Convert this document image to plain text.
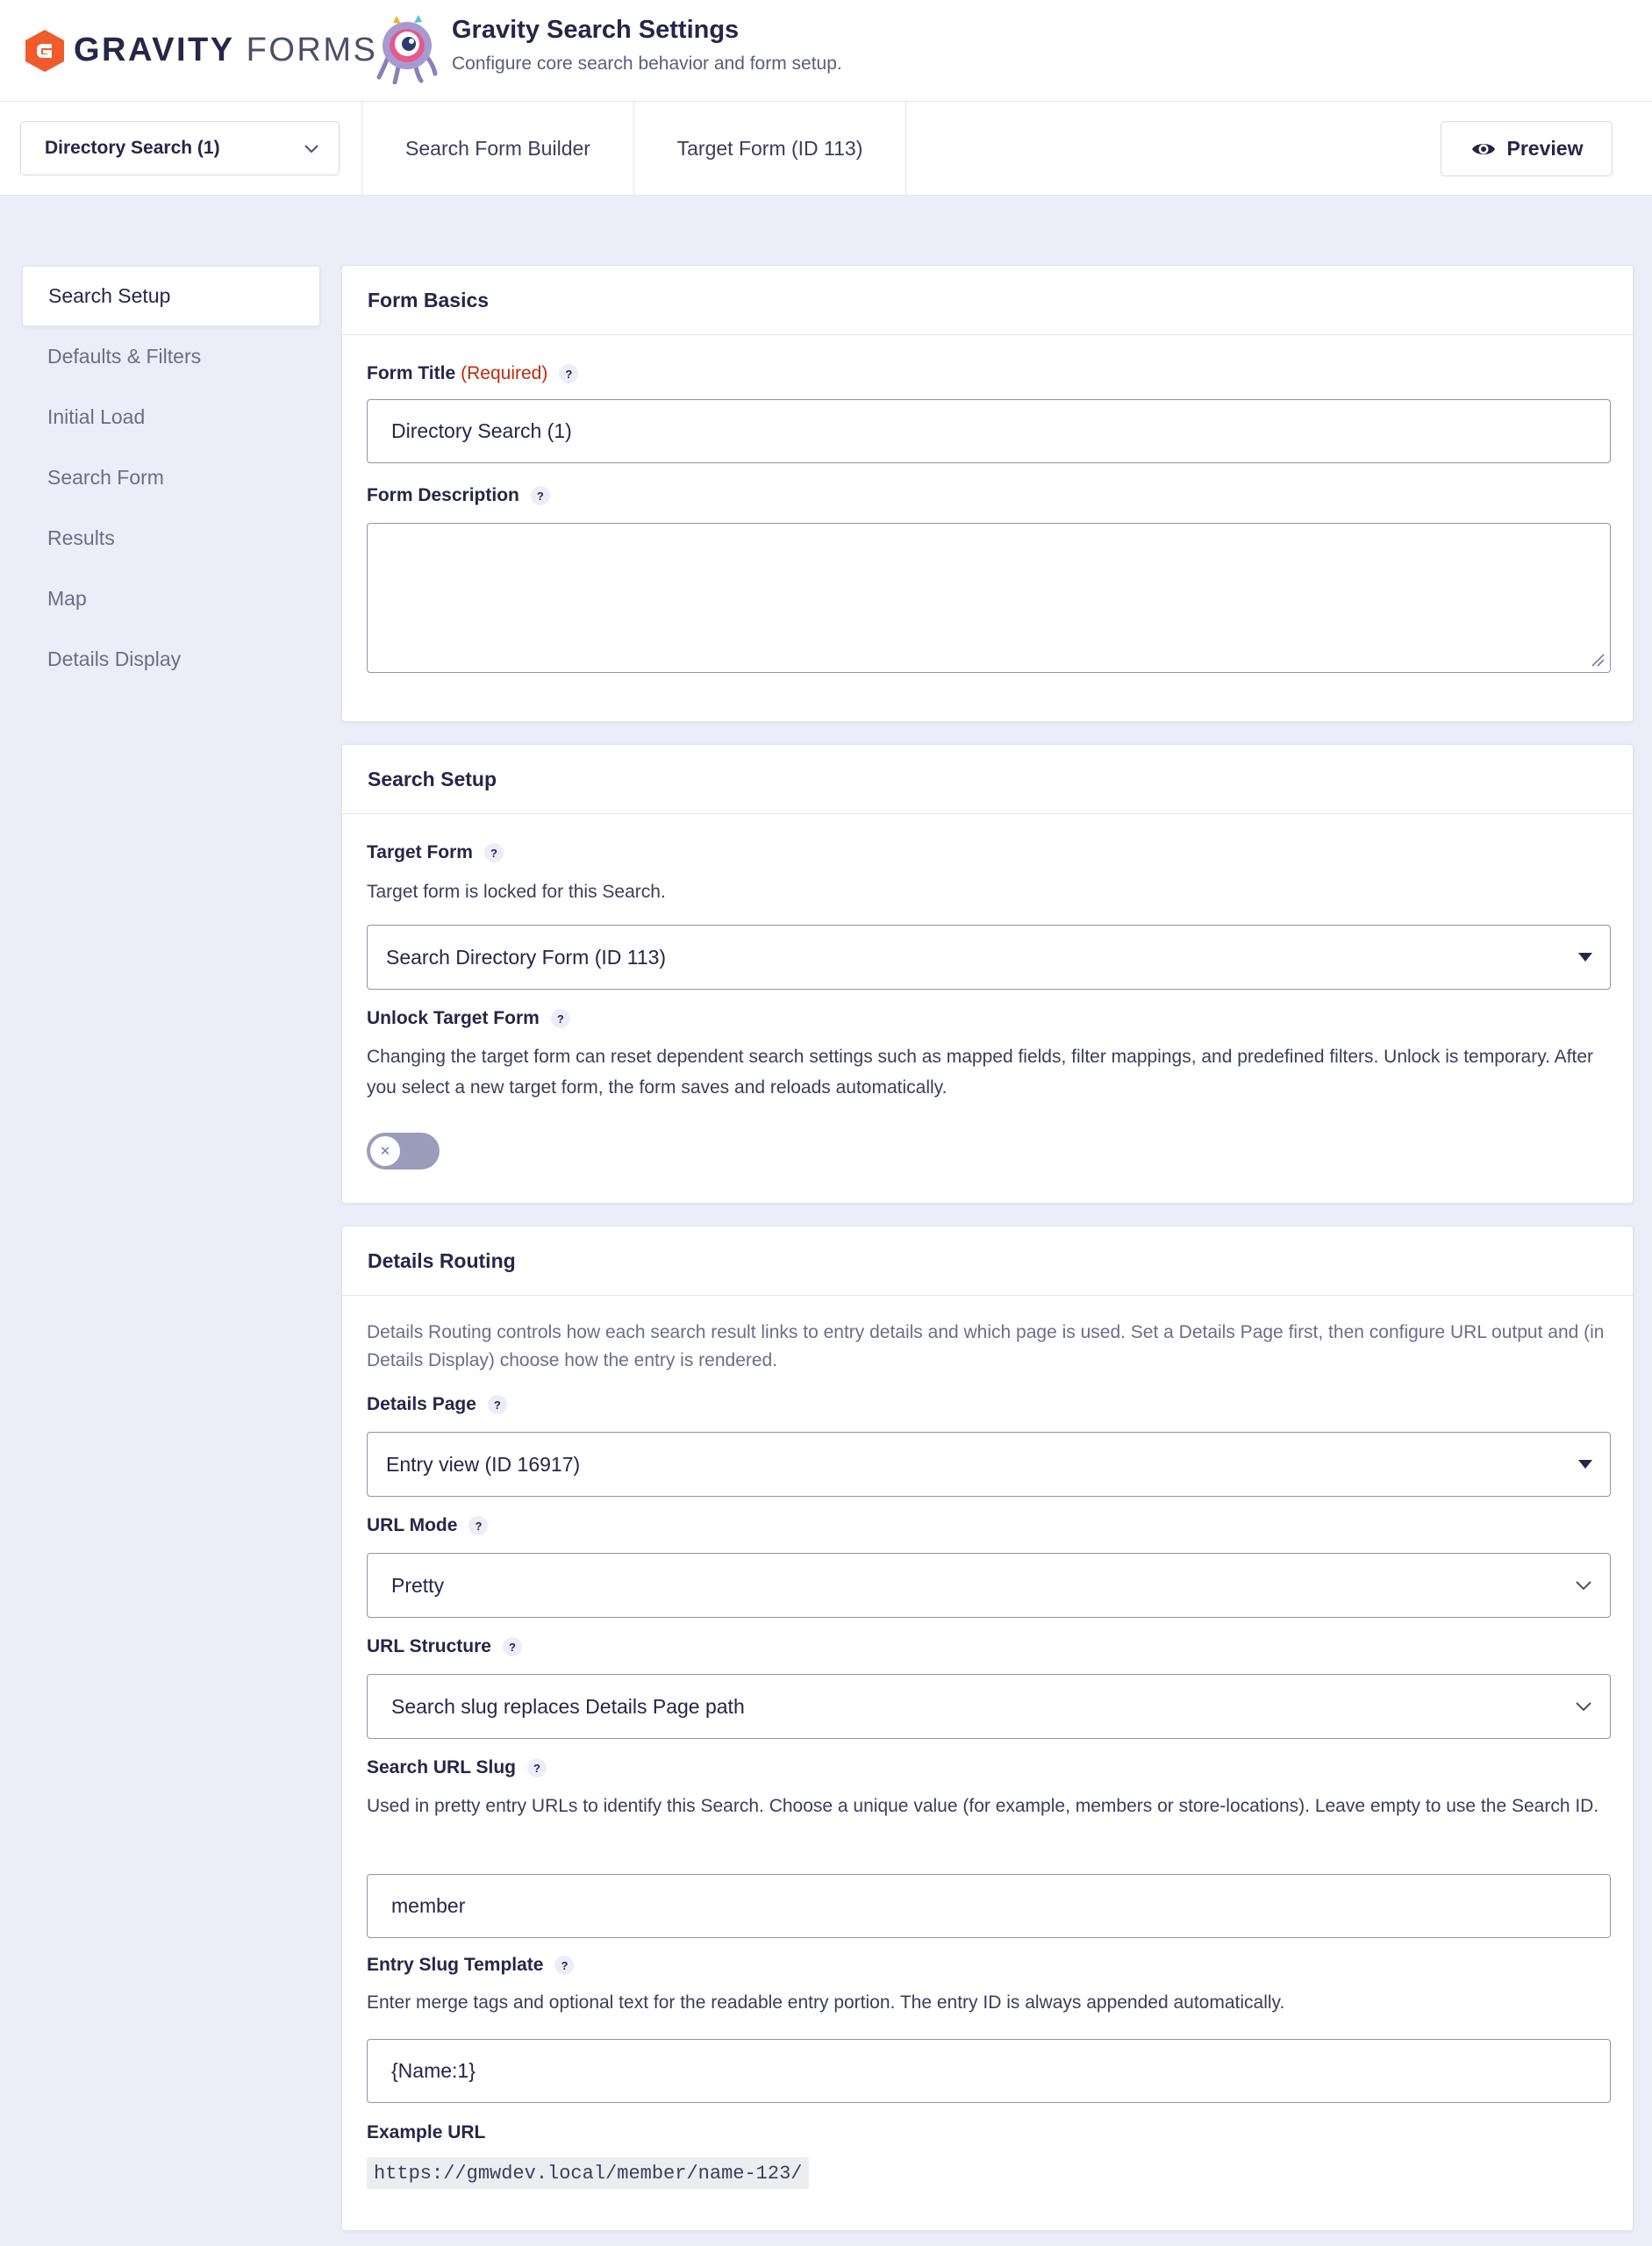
GRAVITY FORMS
Gravity Search Settings
Configure core search behavior and form setup.
Directory Search (1)	Search Form Builder	Target Form (ID 113)	Preview
Search Setup
Defaults & Filters
Initial Load
Search Form
Results
Map
Details Display
Form Basics
Form Title (Required)	?
Directory Search (1)
Form Description	?
Search Setup
Target Form	?
Target form is locked for this Search.
Search Directory Form (ID 113)
Unlock Target Form	?
Changing the target form can reset dependent search settings such as mapped fields, filter mappings, and predefined filters. Unlock is temporary. After you select a new target form, the form saves and reloads automatically.
✕
Details Routing
Details Routing controls how each search result links to entry details and which page is used. Set a Details Page first, then configure URL output and (in Details Display) choose how the entry is rendered.
Details Page	?
Entry view (ID 16917)
URL Mode	?
Pretty
URL Structure	?
Search slug replaces Details Page path
Search URL Slug	?
Used in pretty entry URLs to identify this Search. Choose a unique value (for example, members or store-locations). Leave empty to use the Search ID.
member
Entry Slug Template	?
Enter merge tags and optional text for the readable entry portion. The entry ID is always appended automatically.
{Name:1}
Example URL
https://gmwdev.local/member/name-123/
